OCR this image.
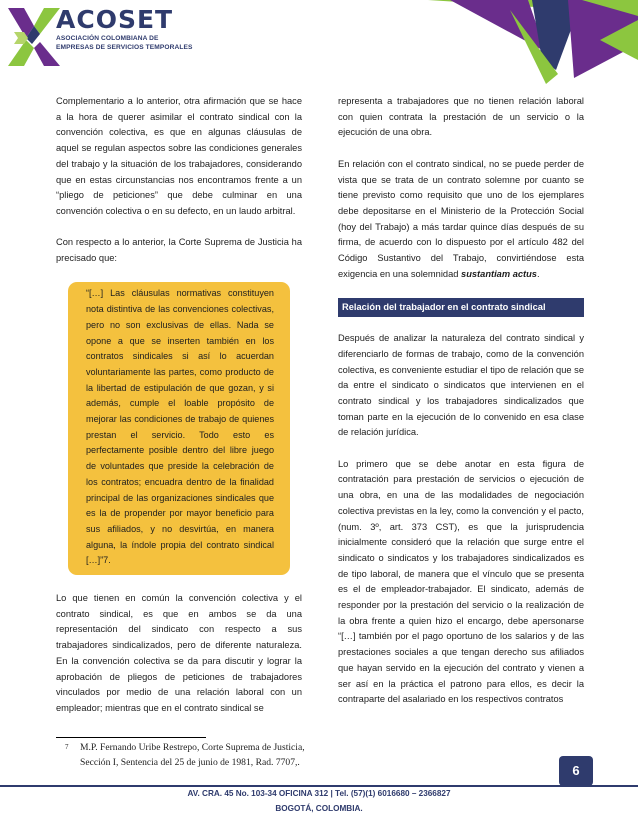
ACOSET
ASOCIACIÓN COLOMBIANA DE
EMPRESAS DE SERVICIOS TEMPORALES

Complementario a lo anterior, otra afirmación que se hace a la hora de querer asimilar el contrato sindical con la convención colectiva, es que en algunas cláusulas de aquel se regulan aspectos sobre las condiciones generales del trabajo y la situación de los trabajadores, considerando que en estas circunstancias nos encontramos frente a un “pliego de peticiones” que debe culminar en una convención colectiva o en su defecto, en un laudo arbitral.

Con respecto a lo anterior, la Corte Suprema de Justicia ha precisado que:

“[…] Las cláusulas normativas constituyen nota distintiva de las convenciones colectivas, pero no son exclusivas de ellas. Nada se opone a que se inserten también en los contratos sindicales si así lo acuerdan voluntariamente las partes, como producto de la libertad de estipulación de que gozan, y si además, cumple el loable propósito de mejorar las condiciones de trabajo de quienes prestan el servicio. Todo esto es perfectamente posible dentro del libre juego de voluntades que preside la celebración de los contratos; encuadra dentro de la finalidad principal de las organizaciones sindicales que es la de propender por mayor beneficio para sus afiliados, y no desvirtúa, en manera alguna, la índole propia del contrato sindical […]”7.

Lo que tienen en común la convención colectiva y el contrato sindical, es que en ambos se da una representación del sindicato con respecto a sus trabajadores sindicalizados, pero de diferente naturaleza. En la convención colectiva se da para discutir y lograr la aprobación de pliegos de peticiones de trabajadores vinculados por medio de una relación laboral con un empleador; mientras que en el contrato sindical se

representa a trabajadores que no tienen relación laboral con quien contrata la prestación de un servicio o la ejecución de una obra.

En relación con el contrato sindical, no se puede perder de vista que se trata de un contrato solemne por cuanto se tiene previsto como requisito que uno de los ejemplares debe depositarse en el Ministerio de la Protección Social (hoy del Trabajo) a más tardar quince días después de su firma, de acuerdo con lo dispuesto por el artículo 482 del Código Sustantivo del Trabajo, convirtiéndose esta exigencia en una solemnidad sustantiam actus.

Relación del trabajador en el contrato sindical

Después de analizar la naturaleza del contrato sindical y diferenciarlo de formas de trabajo, como de la convención colectiva, es conveniente estudiar el tipo de relación que se da entre el sindicato o sindicatos que intervienen en el contrato sindical y los trabajadores sindicalizados que toman parte en la ejecución de lo convenido en esa clase de relación jurídica.

Lo primero que se debe anotar en esta figura de contratación para prestación de servicios o ejecución de una obra, en una de las modalidades de negociación colectiva previstas en la ley, como la convención y el pacto, (num. 3º, art. 373 CST), es que la jurisprudencia inicialmente consideró que la relación que surge entre el sindicato o sindicatos y los trabajadores sindicalizados es de tipo laboral, de manera que el vínculo que se presenta es el de empleador-trabajador. El sindicato, además de responder por la prestación del servicio o la realización de la obra frente a quien hizo el encargo, debe apersonarse “[…] también por el pago oportuno de los salarios y de las prestaciones sociales a que tengan derecho sus afiliados que hayan servido en la ejecución del contrato y vienen a ser así en la práctica el patrono para ellos, es decir la contraparte del asalariado en los respectivos contratos

7 M.P. Fernando Uribe Restrepo, Corte Suprema de Justicia, Sección I, Sentencia del 25 de junio de 1981, Rad. 7707,.
6
AV. CRA. 45 No. 103-34 OFICINA 312 | Tel. (57)(1) 6016680 – 2366827
BOGOTÁ, COLOMBIA.
